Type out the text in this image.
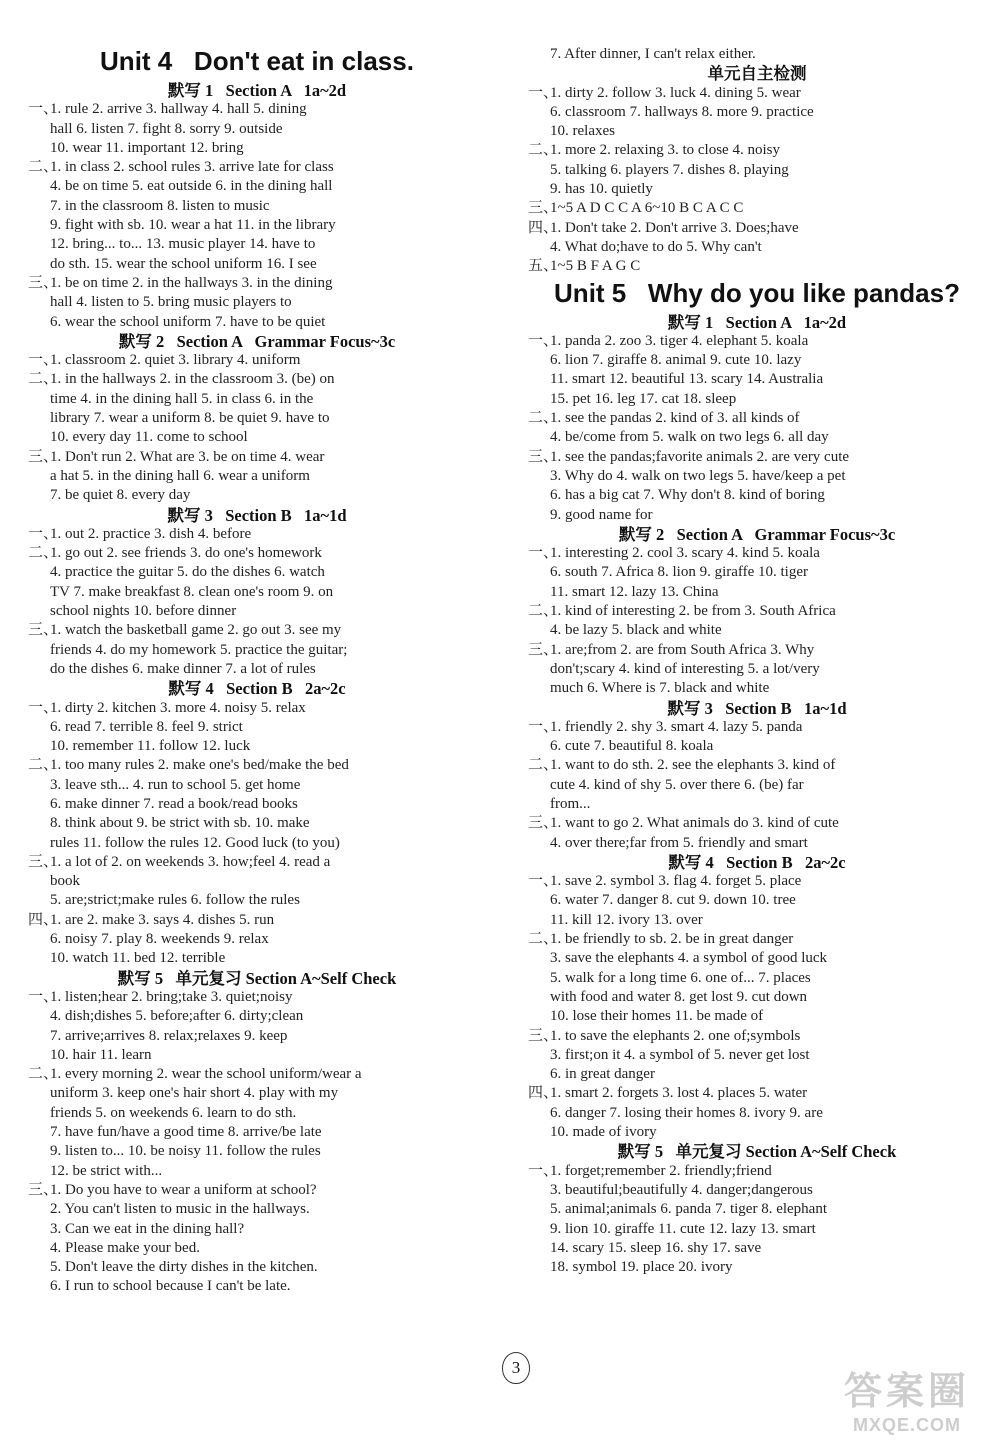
Unit 4   Don't eat in class.
默写 1   Section A   1a~2d
一、1. rule 2. arrive 3. hallway 4. hall 5. dining
hall 6. listen 7. fight 8. sorry 9. outside
10. wear 11. important 12. bring
二、1. in class 2. school rules 3. arrive late for class
4. be on time 5. eat outside 6. in the dining hall
7. in the classroom 8. listen to music
9. fight with sb. 10. wear a hat 11. in the library
12. bring... to... 13. music player 14. have to
do sth. 15. wear the school uniform 16. I see
三、1. be on time 2. in the hallways 3. in the dining
hall 4. listen to 5. bring music players to
6. wear the school uniform 7. have to be quiet
默写 2   Section A   Grammar Focus~3c
一、1. classroom 2. quiet 3. library 4. uniform
二、1. in the hallways 2. in the classroom 3. (be) on
time 4. in the dining hall 5. in class 6. in the
library 7. wear a uniform 8. be quiet 9. have to
10. every day 11. come to school
三、1. Don't run 2. What are 3. be on time 4. wear
a hat 5. in the dining hall 6. wear a uniform
7. be quiet 8. every day
默写 3   Section B   1a~1d
一、1. out 2. practice 3. dish 4. before
二、1. go out 2. see friends 3. do one's homework
4. practice the guitar 5. do the dishes 6. watch
TV 7. make breakfast 8. clean one's room 9. on
school nights 10. before dinner
三、1. watch the basketball game 2. go out 3. see my
friends 4. do my homework 5. practice the guitar;
do the dishes 6. make dinner 7. a lot of rules
默写 4   Section B   2a~2c
一、1. dirty 2. kitchen 3. more 4. noisy 5. relax
6. read 7. terrible 8. feel 9. strict
10. remember 11. follow 12. luck
二、1. too many rules 2. make one's bed/make the bed
3. leave sth... 4. run to school 5. get home
6. make dinner 7. read a book/read books
8. think about 9. be strict with sb. 10. make
rules 11. follow the rules 12. Good luck (to you)
三、1. a lot of 2. on weekends 3. how;feel 4. read a
book
5. are;strict;make rules 6. follow the rules
四、1. are 2. make 3. says 4. dishes 5. run
6. noisy 7. play 8. weekends 9. relax
10. watch 11. bed 12. terrible
默写 5   单元复习 Section A~Self Check
一、1. listen;hear 2. bring;take 3. quiet;noisy
4. dish;dishes 5. before;after 6. dirty;clean
7. arrive;arrives 8. relax;relaxes 9. keep
10. hair 11. learn
二、1. every morning 2. wear the school uniform/wear a
uniform 3. keep one's hair short 4. play with my
friends 5. on weekends 6. learn to do sth.
7. have fun/have a good time 8. arrive/be late
9. listen to... 10. be noisy 11. follow the rules
12. be strict with...
三、1. Do you have to wear a uniform at school?
2. You can't listen to music in the hallways.
3. Can we eat in the dining hall?
4. Please make your bed.
5. Don't leave the dirty dishes in the kitchen.
6. I run to school because I can't be late.
7. After dinner, I can't relax either.
单元自主检测
一、1. dirty 2. follow 3. luck 4. dining 5. wear
6. classroom 7. hallways 8. more 9. practice
10. relaxes
二、1. more 2. relaxing 3. to close 4. noisy
5. talking 6. players 7. dishes 8. playing
9. has 10. quietly
三、1~5 A D C C A 6~10 B C A C C
四、1. Don't take 2. Don't arrive 3. Does;have
4. What do;have to do 5. Why can't
五、1~5 B F A G C
Unit 5   Why do you like pandas?
默写 1   Section A   1a~2d
一、1. panda 2. zoo 3. tiger 4. elephant 5. koala
6. lion 7. giraffe 8. animal 9. cute 10. lazy
11. smart 12. beautiful 13. scary 14. Australia
15. pet 16. leg 17. cat 18. sleep
二、1. see the pandas 2. kind of 3. all kinds of
4. be/come from 5. walk on two legs 6. all day
三、1. see the pandas;favorite animals 2. are very cute
3. Why do 4. walk on two legs 5. have/keep a pet
6. has a big cat 7. Why don't 8. kind of boring
9. good name for
默写 2   Section A   Grammar Focus~3c
一、1. interesting 2. cool 3. scary 4. kind 5. koala
6. south 7. Africa 8. lion 9. giraffe 10. tiger
11. smart 12. lazy 13. China
二、1. kind of interesting 2. be from 3. South Africa
4. be lazy 5. black and white
三、1. are;from 2. are from South Africa 3. Why
don't;scary 4. kind of interesting 5. a lot/very
much 6. Where is 7. black and white
默写 3   Section B   1a~1d
一、1. friendly 2. shy 3. smart 4. lazy 5. panda
6. cute 7. beautiful 8. koala
二、1. want to do sth. 2. see the elephants 3. kind of
cute 4. kind of shy 5. over there 6. (be) far
from...
三、1. want to go 2. What animals do 3. kind of cute
4. over there;far from 5. friendly and smart
默写 4   Section B   2a~2c
一、1. save 2. symbol 3. flag 4. forget 5. place
6. water 7. danger 8. cut 9. down 10. tree
11. kill 12. ivory 13. over
二、1. be friendly to sb. 2. be in great danger
3. save the elephants 4. a symbol of good luck
5. walk for a long time 6. one of... 7. places
with food and water 8. get lost 9. cut down
10. lose their homes 11. be made of
三、1. to save the elephants 2. one of;symbols
3. first;on it 4. a symbol of 5. never get lost
6. in great danger
四、1. smart 2. forgets 3. lost 4. places 5. water
6. danger 7. losing their homes 8. ivory 9. are
10. made of ivory
默写 5   单元复习 Section A~Self Check
一、1. forget;remember 2. friendly;friend
3. beautiful;beautifully 4. danger;dangerous
5. animal;animals 6. panda 7. tiger 8. elephant
9. lion 10. giraffe 11. cute 12. lazy 13. smart
14. scary 15. sleep 16. shy 17. save
18. symbol 19. place 20. ivory
3
答案圈
MXQE.COM
